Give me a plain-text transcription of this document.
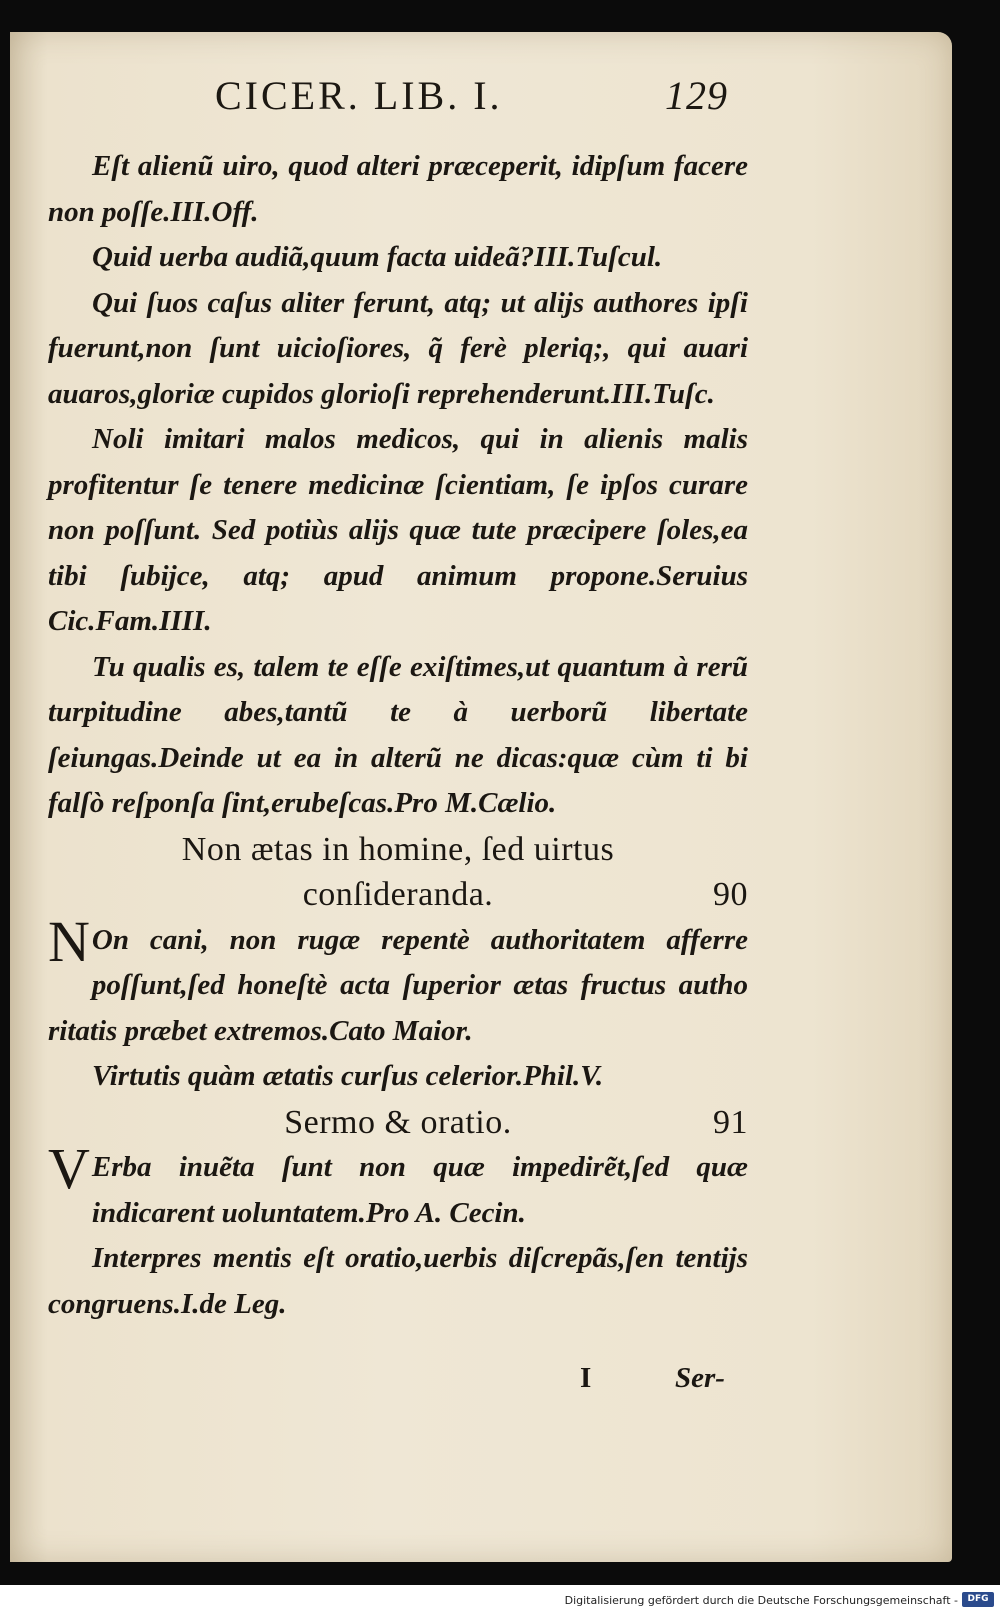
CICER. LIB. I.	129

Eſt alienũ uiro, quod alteri præceperit, idipſum facere non poſſe.III.Off.

Quid uerba audiã,quum facta uideã?III.Tuſcul.

Qui ſuos caſus aliter ferunt, atq; ut alijs authores ipſi fuerunt,non ſunt uicioſiores, q̃ ferè pleriq;, qui auari auaros,gloriæ cupidos glorioſi reprehenderunt.III.Tuſc.

Noli imitari malos medicos, qui in alienis malis profitentur ſe tenere medicinæ ſcientiam, ſe ipſos curare non poſſunt. Sed potiùs alijs quæ tute præcipere ſoles,ea tibi ſubijce, atq; apud animum propone.Seruius Cic.Fam.IIII.

Tu qualis es, talem te eſſe exiſtimes,ut quantum à rerũ turpitudine abes,tantũ te à uerborũ libertate ſeiungas.Deinde ut ea in alterũ ne dicas:quæ cùm ti bi falſò reſponſa ſint,erubeſcas.Pro M.Cælio.

Non ætas in homine, ſed uirtus

conſideranda.	90

N On cani, non rugæ repentè authoritatem afferre poſſunt,ſed honeſtè acta ſuperior ætas fructus autho ritatis præbet extremos.Cato Maior.

Virtutis quàm ætatis curſus celerior.Phil.V.

Sermo & oratio.	91

V Erba inuẽta ſunt non quæ impedirẽt,ſed quæ indicarent uoluntatem.Pro A. Cecin.

Interpres mentis eſt oratio,uerbis diſcrepãs,ſen tentijs congruens.I.de Leg.

I	Ser-
Digitalisierung gefördert durch die Deutsche Forschungsgemeinschaft -	DFG
